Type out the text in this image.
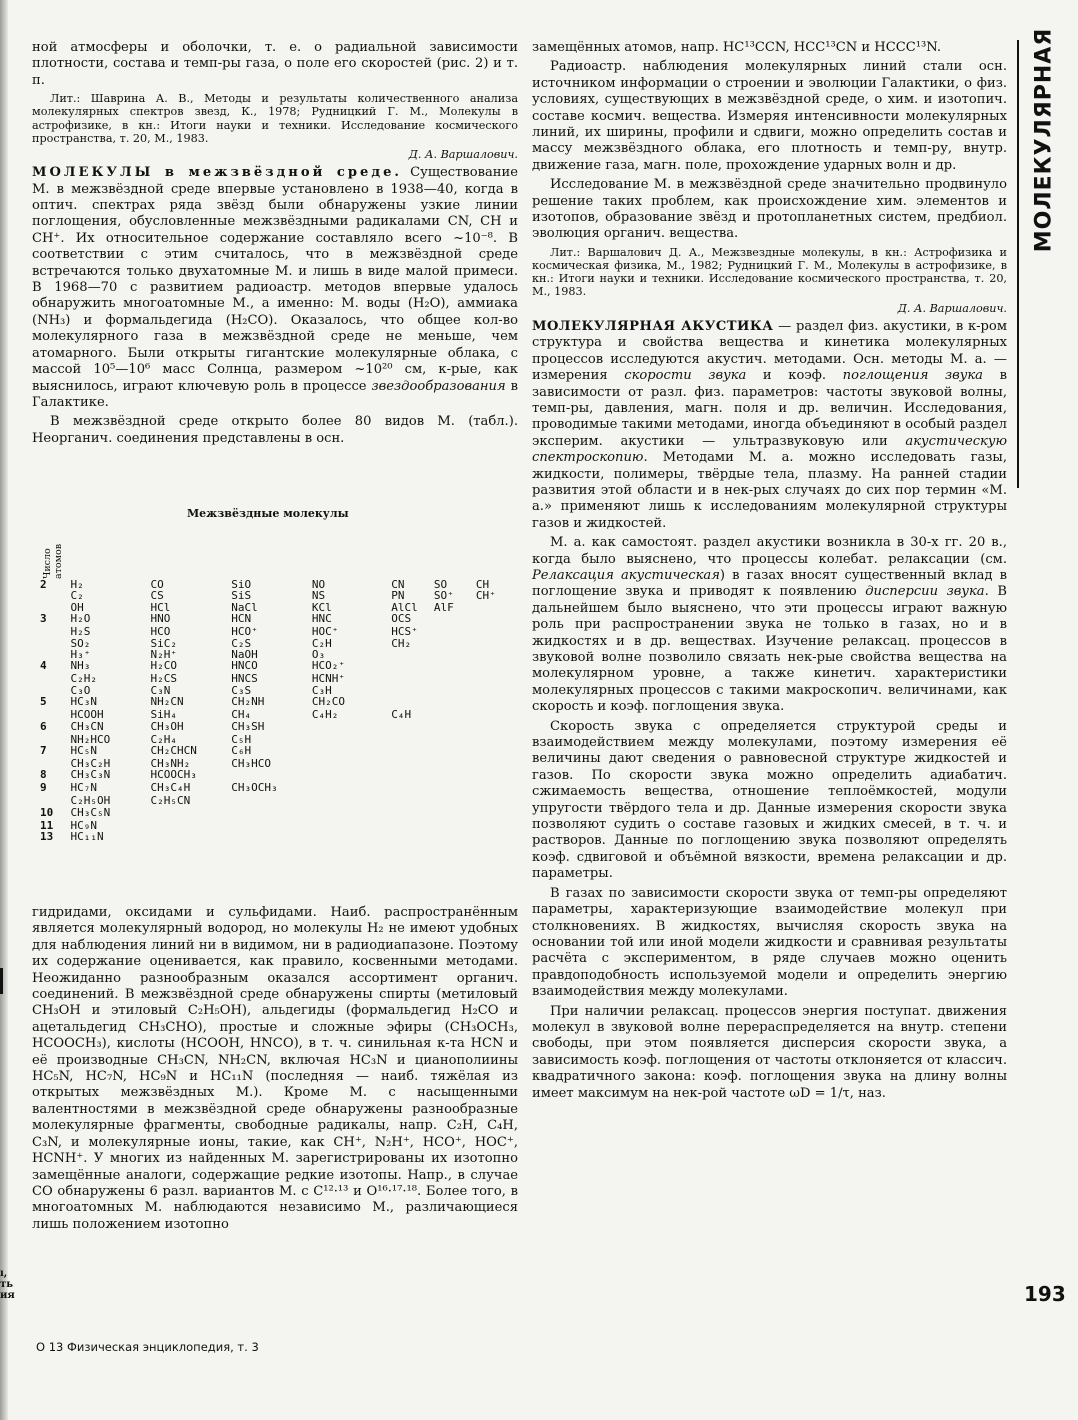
ı,
ть
ия

ной атмосферы и оболочки, т. е. о радиальной зависимости плотности, состава и темп-ры газа, о поле его скоростей (рис. 2) и т. п.

Лит.: Шаврина А. В., Методы и результаты количественного анализа молекулярных спектров звезд, К., 1978; Рудницкий Г. М., Молекулы в астрофизике, в кн.: Итоги науки и техники. Исследование космического пространства, т. 20, М., 1983.
Д. А. Варшалович.

МОЛЕКУЛЫ в межзвёздной среде. Существование М. в межзвёздной среде впервые установлено в 1938—40, когда в оптич. спектрах ряда звёзд были обнаружены узкие линии поглощения, обусловленные межзвёздными радикалами CN, CH и CH⁺. Их относительное содержание составляло всего ~10⁻⁸. В соответствии с этим считалось, что в межзвёздной среде встречаются только двухатомные М. и лишь в виде малой примеси. В 1968—70 с развитием радиоастр. методов впервые удалось обнаружить многоатомные М., а именно: М. воды (H₂O), аммиака (NH₃) и формальдегида (H₂CO). Оказалось, что общее кол-во молекулярного газа в межзвёздной среде не меньше, чем атомарного. Были открыты гигантские молекулярные облака, с массой 10⁵—10⁶ масс Солнца, размером ~10²⁰ см, к-рые, как выяснилось, играют ключевую роль в процессе звездообразования в Галактике.

В межзвёздной среде открыто более 80 видов М. (табл.). Неорганич. соединения представлены в осн.

Межзвёздные молекулы
Число атомов
2	H₂	CO	SiO	NO	CN	SO	CH
	C₂	CS	SiS	NS	PN	SO⁺	CH⁺
	OH	HCl	NaCl	KCl	AlCl	AlF	
3	H₂O	HNO	HCN	HNC	OCS		
	H₂S	HCO	HCO⁺	HOC⁺	HCS⁺		
	SO₂	SiC₂	C₂S	C₂H	CH₂		
	H₃⁺	N₂H⁺	NaOH	O₃			
4	NH₃	H₂CO	HNCO	HCO₂⁺			
	C₂H₂	H₂CS	HNCS	HCNH⁺			
	C₃O	C₃N	C₃S	C₃H			
5	HC₃N	NH₂CN	CH₂NH	CH₂CO			
	HCOOH	SiH₄	CH₄	C₄H₂	C₄H		
6	CH₃CN	CH₃OH	CH₃SH				
	NH₂HCO	C₂H₄	C₅H				
7	HC₅N	CH₂CHCN	C₆H				
	CH₃C₂H	CH₃NH₂	CH₃HCO				
8	CH₃C₃N	HCOOCH₃					
9	HC₇N	CH₃C₄H	CH₃OCH₃				
	C₂H₅OH	C₂H₅CN					
10	CH₃C₅N						
11	HC₉N						
13	HC₁₁N						

гидридами, оксидами и сульфидами. Наиб. распространённым является молекулярный водород, но молекулы H₂ не имеют удобных для наблюдения линий ни в видимом, ни в радиодиапазоне. Поэтому их содержание оценивается, как правило, косвенными методами. Неожиданно разнообразным оказался ассортимент органич. соединений. В межзвёздной среде обнаружены спирты (метиловый CH₃OH и этиловый C₂H₅OH), альдегиды (формальдегид H₂CO и ацетальдегид CH₃CHO), простые и сложные эфиры (CH₃OCH₃, HCOOCH₃), кислоты (HCOOH, HNCO), в т. ч. синильная к-та HCN и её производные CH₃CN, NH₂CN, включая HC₃N и цианополиины HC₅N, HC₇N, HC₉N и HC₁₁N (последняя — наиб. тяжёлая из открытых межзвёздных М.). Кроме М. с насыщенными валентностями в межзвёздной среде обнаружены разнообразные молекулярные фрагменты, свободные радикалы, напр. C₂H, C₄H, C₃N, и молекулярные ионы, такие, как CH⁺, N₂H⁺, HCO⁺, HOC⁺, HCNH⁺. У многих из найденных М. зарегистрированы их изотопно замещённые аналоги, содержащие редкие изотопы. Напр., в случае CO обнаружены 6 разл. вариантов М. с C¹²·¹³ и O¹⁶·¹⁷·¹⁸. Более того, в многоатомных М. наблюдаются независимо М., различающиеся лишь положением изотопно

замещённых атомов, напр. HC¹³CCN, HCC¹³CN и HCCC¹³N.

Радиоастр. наблюдения молекулярных линий стали осн. источником информации о строении и эволюции Галактики, о физ. условиях, существующих в межзвёздной среде, о хим. и изотопич. составе космич. вещества. Измеряя интенсивности молекулярных линий, их ширины, профили и сдвиги, можно определить состав и массу межзвёздного облака, его плотность и темп-ру, внутр. движение газа, магн. поле, прохождение ударных волн и др.

Исследование М. в межзвёздной среде значительно продвинуло решение таких проблем, как происхождение хим. элементов и изотопов, образование звёзд и протопланетных систем, предбиол. эволюция органич. вещества.

Лит.: Варшалович Д. А., Межзвездные молекулы, в кн.: Астрофизика и космическая физика, М., 1982; Рудницкий Г. М., Молекулы в астрофизике, в кн.: Итоги науки и техники. Исследование космического пространства, т. 20, М., 1983.
Д. А. Варшалович.

МОЛЕКУЛЯРНАЯ АКУСТИКА — раздел физ. акустики, в к-ром структура и свойства вещества и кинетика молекулярных процессов исследуются акустич. методами. Осн. методы М. а. — измерения скорости звука и коэф. поглощения звука в зависимости от разл. физ. параметров: частоты звуковой волны, темп-ры, давления, магн. поля и др. величин. Исследования, проводимые такими методами, иногда объединяют в особый раздел эксперим. акустики — ультразвуковую или акустическую спектроскопию. Методами М. а. можно исследовать газы, жидкости, полимеры, твёрдые тела, плазму. На ранней стадии развития этой области и в нек-рых случаях до сих пор термин «М. а.» применяют лишь к исследованиям молекулярной структуры газов и жидкостей.

М. а. как самостоят. раздел акустики возникла в 30-х гг. 20 в., когда было выяснено, что процессы колебат. релаксации (см. Релаксация акустическая) в газах вносят существенный вклад в поглощение звука и приводят к появлению дисперсии звука. В дальнейшем было выяснено, что эти процессы играют важную роль при распространении звука не только в газах, но и в жидкостях и в др. веществах. Изучение релаксац. процессов в звуковой волне позволило связать нек-рые свойства вещества на молекулярном уровне, а также кинетич. характеристики молекулярных процессов с такими макроскопич. величинами, как скорость и коэф. поглощения звука.

Скорость звука c определяется структурой среды и взаимодействием между молекулами, поэтому измерения её величины дают сведения о равновесной структуре жидкостей и газов. По скорости звука можно определить адиабатич. сжимаемость вещества, отношение теплоёмкостей, модули упругости твёрдого тела и др. Данные измерения скорости звука позволяют судить о составе газовых и жидких смесей, в т. ч. и растворов. Данные по поглощению звука позволяют определять коэф. сдвиговой и объёмной вязкости, времена релаксации и др. параметры.

В газах по зависимости скорости звука от темп-ры определяют параметры, характеризующие взаимодействие молекул при столкновениях. В жидкостях, вычисляя скорость звука на основании той или иной модели жидкости и сравнивая результаты расчёта с экспериментом, в ряде случаев можно оценить правдоподобность используемой модели и определить энергию взаимодействия между молекулами.

При наличии релаксац. процессов энергия поступат. движения молекул в звуковой волне перераспределяется на внутр. степени свободы, при этом появляется дисперсия скорости звука, а зависимость коэф. поглощения от частоты отклоняется от классич. квадратичного закона: коэф. поглощения звука на длину волны имеет максимум на нек-рой частоте ωD = 1/τ, наз.

МОЛЕКУЛЯРНАЯ
193
О 13 Физическая энциклопедия, т. 3
